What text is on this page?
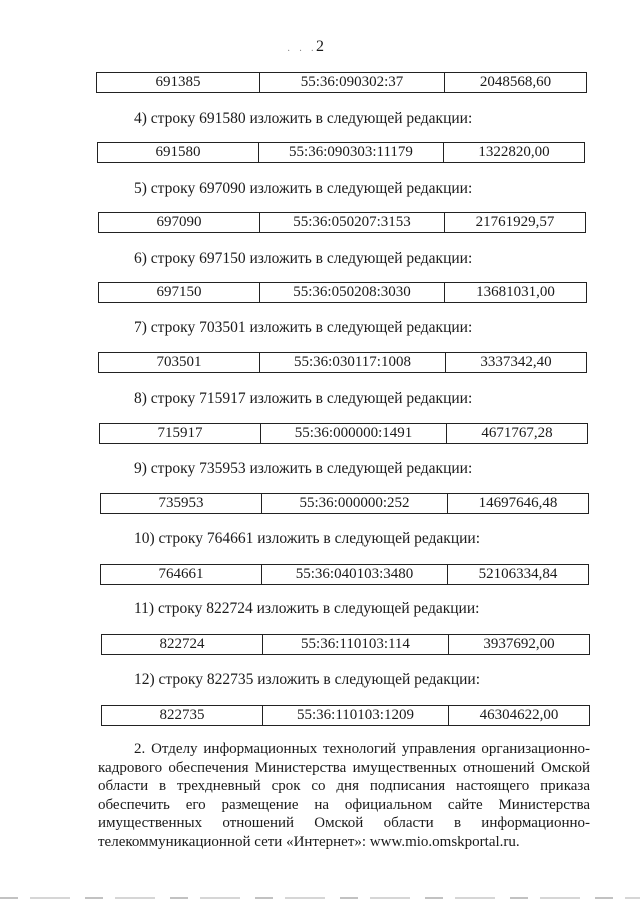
· · · 2
691385	55:36:090302:37	2048568,60
4) строку 691580 изложить в следующей редакции:
691580	55:36:090303:11179	1322820,00
5) строку 697090 изложить в следующей редакции:
697090	55:36:050207:3153	21761929,57
6) строку 697150 изложить в следующей редакции:
697150	55:36:050208:3030	13681031,00
7) строку 703501 изложить в следующей редакции:
703501	55:36:030117:1008	3337342,40
8) строку 715917 изложить в следующей редакции:
715917	55:36:000000:1491	4671767,28
9) строку 735953 изложить в следующей редакции:
735953	55:36:000000:252	14697646,48
10) строку 764661 изложить в следующей редакции:
764661	55:36:040103:3480	52106334,84
11) строку 822724 изложить в следующей редакции:
822724	55:36:110103:114	3937692,00
12) строку 822735 изложить в следующей редакции:
822735	55:36:110103:1209	46304622,00
2. Отделу информационных технологий управления организационно-
кадрового обеспечения Министерства имущественных отношений Омской
области в трехдневный срок со дня подписания настоящего приказа
обеспечить его размещение на официальном сайте Министерства
имущественных отношений Омской области в информационно-
телекоммуникационной сети «Интернет»: www.mio.omskportal.ru.
